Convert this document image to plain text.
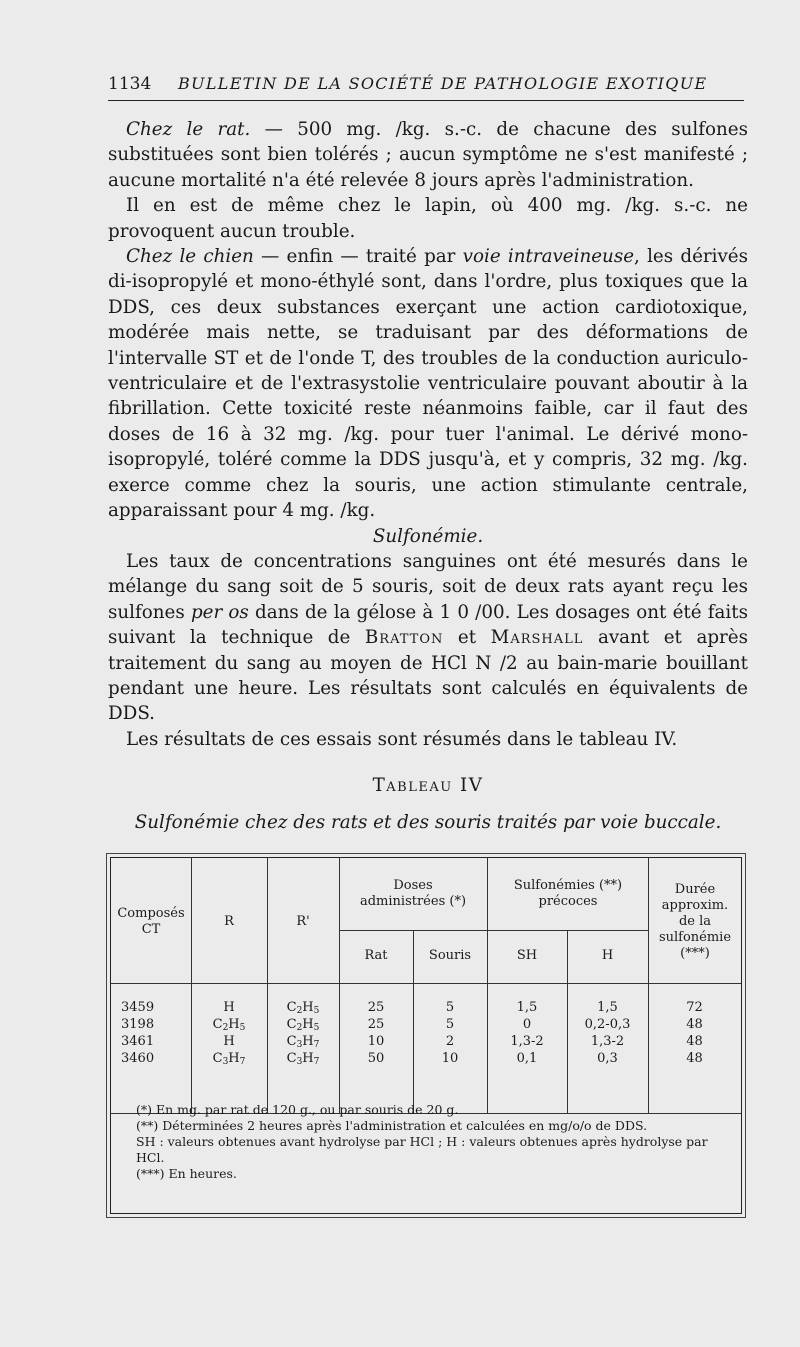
1134 BULLETIN DE LA SOCIÉTÉ DE PATHOLOGIE EXOTIQUE

Chez le rat. — 500 mg. /kg. s.-c. de chacune des sulfones substituées sont bien tolérés ; aucun symptôme ne s'est manifesté ; aucune mortalité n'a été relevée 8 jours après l'administration.

Il en est de même chez le lapin, où 400 mg. /kg. s.-c. ne provoquent aucun trouble.

Chez le chien — enfin — traité par voie intraveineuse, les dérivés di-isopropylé et mono-éthylé sont, dans l'ordre, plus toxiques que la DDS, ces deux substances exerçant une action cardiotoxique, modérée mais nette, se traduisant par des déformations de l'intervalle ST et de l'onde T, des troubles de la conduction auriculo-ventriculaire et de l'extrasystolie ventriculaire pouvant aboutir à la fibrillation. Cette toxicité reste néanmoins faible, car il faut des doses de 16 à 32 mg. /kg. pour tuer l'animal. Le dérivé mono-isopropylé, toléré comme la DDS jusqu'à, et y compris, 32 mg. /kg. exerce comme chez la souris, une action stimulante centrale, apparaissant pour 4 mg. /kg.

Sulfonémie.

Les taux de concentrations sanguines ont été mesurés dans le mélange du sang soit de 5 souris, soit de deux rats ayant reçu les sulfones per os dans de la gélose à 1 0 /00. Les dosages ont été faits suivant la technique de Bratton et Marshall avant et après traitement du sang au moyen de HCl N /2 au bain-marie bouillant pendant une heure. Les résultats sont calculés en équivalents de DDS.

Les résultats de ces essais sont résumés dans le tableau IV.

Tableau IV
Sulfonémie chez des rats et des souris traités par voie buccale.
Composés CT
R	R'
Doses administrées (*)
Rat	Souris
Sulfonémies (**) précoces
SH	H
Durée approxim. de la sulfonémie (***)
3459	H	$C_2H_5$	25	5	1,5	1,5	72
3198	$C_2H_5$	$C_2H_5$	25	5	0	0,2-0,3	48
3461	H	$C_3H_7$	10	2	1,3-2	1,3-2	48
3460	$C_3H_7$	$C_3H_7$	50	10	0,1	0,3	48
(*) En mg. par rat de 120 g., ou par souris de 20 g.
(**) Déterminées 2 heures après l'administration et calculées en mg/o/o de DDS.
SH : valeurs obtenues avant hydrolyse par HCl ; H : valeurs obtenues après hydrolyse par HCl.
(***) En heures.
